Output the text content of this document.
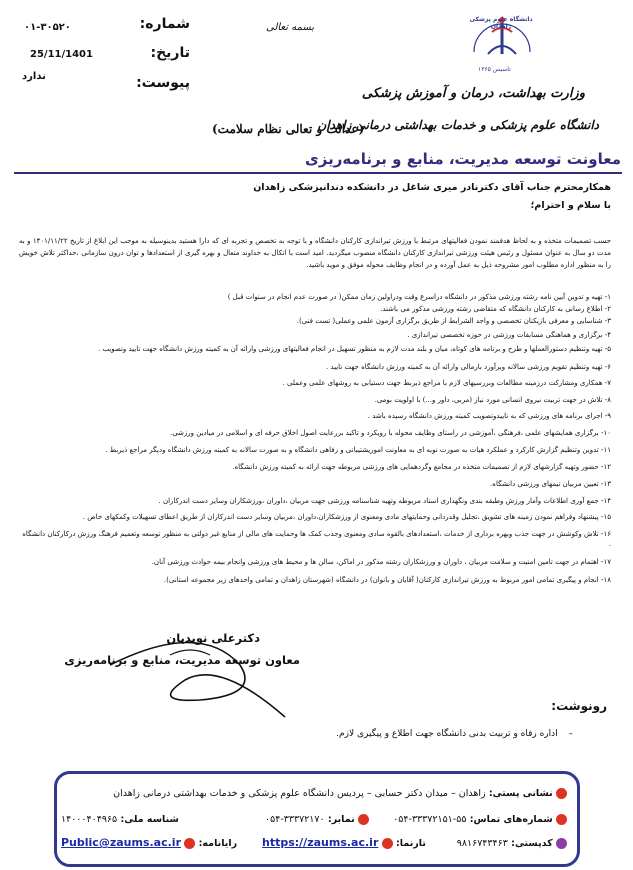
شماره:
۰۱-۳۰۵۲۰
تاریخ:
25/11/1401
پیوست:
ندارد
بسمه تعالی
دانشگاه علوم پزشکی زاهدان
تاسیس ۱۳۶۵
وزارت بهداشت، درمان و آموزش پزشکی
دانشگاه علوم پزشکی و خدمات بهداشتی درمانی زاهدان
(عدالت و تعالی نظام سلامت)
معاونت توسعه مدیریت، منابع و برنامه‌ریزی
همکارمحترم جناب آقای دکترنادر میری شاغل در دانشکده دندانپزشکی زاهدان
با سلام و احترام؛
حسب تصمیمات متخذه و به لحاظ هدفمند نمودن فعالیتهای مرتبط با ورزش تیراندازی کارکنان دانشگاه و با توجه به تخصص و تجربه ای که دارا هستید بدینوسیله به موجب این ابلاغ از تاریخ ۱۴۰۱/۱۱/۲۲ و به مدت دو سال به عنوان مسئول و رئیس هیئت ورزشی تیراندازی کارکنان دانشگاه منصوب میگردید. امید است با اتکال به خداوند متعال و بهره گیری از استعدادها و توان درون سازمانی ،حداکثر تلاش خویش را به منظور اداره مطلوب امور مشروحه ذیل به عمل آورده و در انجام وظایف محوله موفق و موید باشید.
۱- تهیه و تدوین آیین نامه رشته ورزشی مذکور در دانشگاه دراسرع وقت ودراولین زمان ممکن( در صورت عدم انجام در سنوات قبل )
۲- اطلاع رسانی به کارکنان دانشگاه که متقاضی رشته ورزشی مذکور می باشند.
۳- شناسایی و معرفی بازیکنان تخصصی و واجد الشرایط از طریق برگزاری آزمون علمی وعملی( تست فنی).
۴- برگزاری و هماهنگی مسابقات ورزشی در حوزه تخصصی تیراندازی .
۵- تهیه وتنظیم دستورالعملها و طرح و برنامه های کوتاه، میان و بلند مدت لازم به منظور تسهیل در انجام فعالیتهای ورزشی وارائه آن به کمیته ورزش دانشگاه جهت تایید وتصویب .
۶- تهیه وتنظیم تقویم ورزشی سالانه وبرآورد بارمالی وارائه آن به کمیته ورزش دانشگاه جهت تایید .
۷- همکاری ومشارکت درزمینه مطالعات وبررسیهای لازم با مراجع ذیربط جهت دستیابی به روشهای علمی وعملی .
۸- تلاش در جهت تربیت نیروی انسانی مورد نیاز (مربی، داور و...) با اولویت بومی.
۹- اجرای برنامه های ورزشی که به تاییدوتصویب کمیته ورزش دانشگاه رسیده باشد .
۱۰- برگزاری همایشهای علمی ،فرهنگی ،آموزشی در راستای وظایف محوله با رویکرد و تاکید بررعایت اصول اخلاق حرفه ای و اسلامی در میادین ورزشی.
۱۱- تدوین وتنظیم گزارش کارکرد و عملکرد هیات به صورت نوبه ای به معاونت امورپشتیبانی و رفاهی دانشگاه و به صورت سالانه به کمیته ورزش دانشگاه ودیگر مراجع ذیربط .
۱۲- حضور وتهیه گزارشهای لازم از تصمیمات متخذه در مجامع وگردهمایی های ورزشی مربوطه جهت ارائه به کمیته ورزش دانشگاه.
۱۳- تعیین مربیان تیمهای ورزشی دانشگاه.
۱۴- جمع آوری اطلاعات وآمار ورزش وطبقه بندی ونگهداری اسناد مربوطه وتهیه شناسنامه ورزشی جهت مربیان ،داوران ،ورزشکاران وسایر دست اندرکاران .
۱۵- پیشنهاد وفراهم نمودن زمینه های تشویق ،تجلیل وقدردانی وحمایتهای مادی ومعنوی از ورزشکاران،داوران ،مربیان وسایر دست اندرکاران از طریق اعطای تسهیلات وکمکهای خاص .
۱۶- تلاش وکوشش در جهت جذب وبهره برداری از خدمات ،استعدادهای بالقوه سادی ومعنوی وجذب کمک ها وحمایت های مالی از منابع غیر دولتی به منظور توسعه وتعمیم فرهنگ ورزش درکارکنان دانشگاه .
۱۷- اهتمام در جهت تامین امنیت و سلامت مربیان ، داوران و ورزشکاران رشته مذکور در اماکن، سالن ها و محیط های ورزشی وانجام بیمه حوادث ورزشی آنان.
۱۸- انجام و پیگیری تمامی امور مربوط به ورزش تیراندازی کارکنان( آقایان و بانوان) در دانشگاه (شهرستان زاهدان و تمامی واحدهای زیر مجموعه استانی).
دکترعلی نویدیان
معاون توسعه مدیریت، منابع و برنامه‌ریزی
رونوشت:
–   اداره رفاه و تربیت بدنی دانشگاه جهت اطلاع و پیگیری لازم.
نشانی پستی: زاهدان – میدان دکتر حسابی – پردیس دانشگاه علوم پزشکی و خدمات بهداشتی درمانی زاهدان
شماره‌های تماس: ۵۵-۳۳۳۷۲۱۵۱-۰۵۴
نمابر: ۳۳۳۷۲۱۷۰-۰۵۴
شناسه ملی: ۱۴۰۰۰۴۰۴۹۶۵
کدپستی: ۹۸۱۶۷۴۳۴۶۳
https://zaums.ac.ir تارنما:
Public@zaums.ac.ir رایانامه:
